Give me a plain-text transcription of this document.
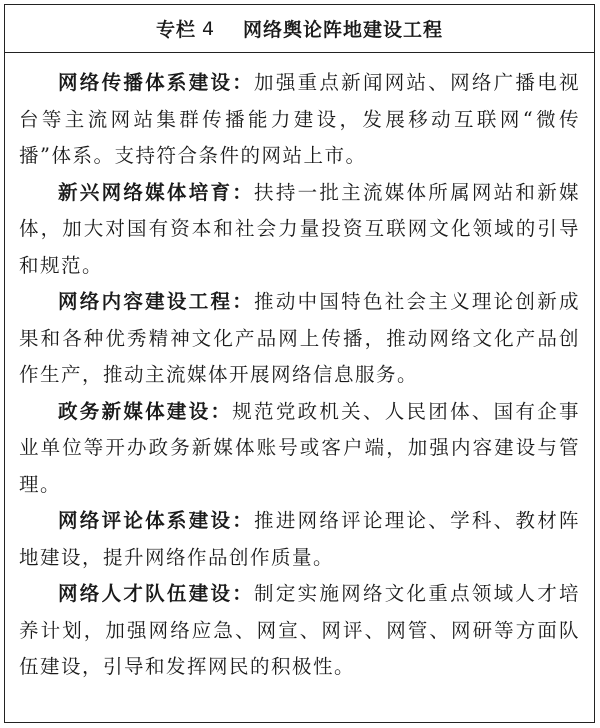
专栏 4 网络舆论阵地建设工程

网络传播体系建设：加强重点新闻网站、网络广播电视台等主流网站集群传播能力建设，发展移动互联网“微传播”体系。支持符合条件的网站上市。

新兴网络媒体培育：扶持一批主流媒体所属网站和新媒体，加大对国有资本和社会力量投资互联网文化领域的引导和规范。

网络内容建设工程：推动中国特色社会主义理论创新成果和各种优秀精神文化产品网上传播，推动网络文化产品创作生产，推动主流媒体开展网络信息服务。

政务新媒体建设：规范党政机关、人民团体、国有企事业单位等开办政务新媒体账号或客户端，加强内容建设与管理。

网络评论体系建设：推进网络评论理论、学科、教材阵地建设，提升网络作品创作质量。

网络人才队伍建设：制定实施网络文化重点领域人才培养计划，加强网络应急、网宣、网评、网管、网研等方面队伍建设，引导和发挥网民的积极性。
